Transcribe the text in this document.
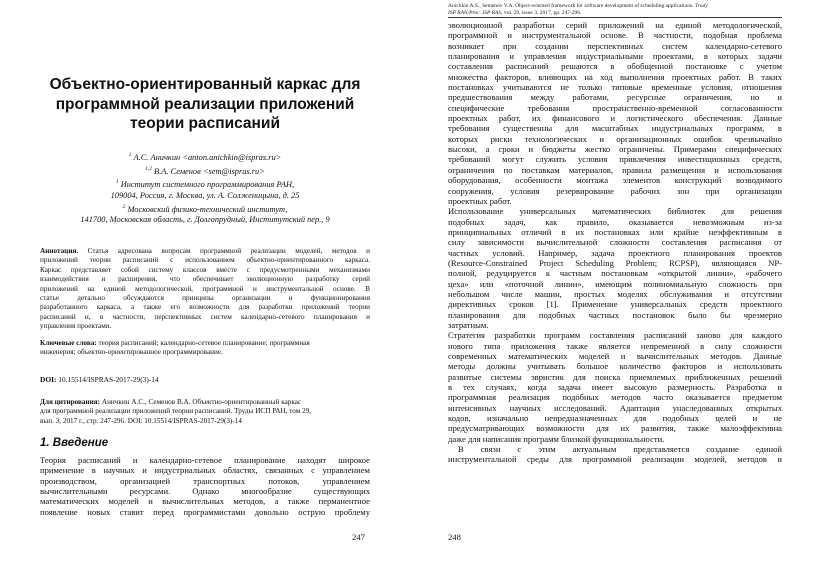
Объектно-ориентированный каркас для
программной реализации приложений
теории расписаний
$^1$ А.С. Аничкин <anton.anichkin@ispras.ru>
$^{1,2}$ В.А. Семенов <sem@ispras.ru>
$^1$ Институт системного программирования РАН,
109004, Россия, г. Москва, ул. А. Солженицына, д. 25
$^2$ Московский физико-технический институт,
141700, Московская область, г. Долгопрудный, Институтский пер., 9
Аннотация. Статья адресована вопросам программной реализации моделей, методов и
приложений теории расписаний с использованием объектно-ориентированного каркаса.
Каркас представляет собой систему классов вместе с предусмотренными механизмами
взаимодействия и расширения, что обеспечивает эволюционную разработку серий
приложений на единой методологической, программной и инструментальной основе. В
статье детально обсуждаются принципы организации и функционирования
разработанного каркаса, а также его возможности для разработки приложений теории
расписаний и, в частности, перспективных систем календарно-сетевого планирования и
управления проектами.
Ключевые слова: теория расписаний; календарно-сетевое планирование; программная
инженерия; объектно-ориентированное программирование.
DOI: 10.15514/ISPRAS-2017-29(3)-14
Для цитирования: Аничкин А.С., Семенов В.А. Объектно-ориентированный каркас
для программной реализации приложений теории расписаний. Труды ИСП РАН, том 29,
вып. 3, 2017 г., стр. 247-296. DOI: 10.15514/ISPRAS-2017-29(3)-14
1. Введение
Теория расписаний и календарно-сетевое планирование находят широкое
применение в научных и индустриальных областях, связанных с управлением
производством, организацией транспортных потоков, управлением
вычислительными ресурсами. Однако многообразие существующих
математических моделей и вычислительных методов, а также перманентное
появление новых ставит перед программистами довольно острую проблему
247
Anichkin A.S., Semenov V.A. Object-oriented framework for software development of scheduling applications. Trudy
ISP RAN/Proc. ISP RAS, vol. 29, issue 3, 2017, pp. 247-296.
эволюционной разработки серий приложений на единой методологической,
программной и инструментальной основе. В частности, подобная проблема
возникает при создании перспективных систем календарно-сетевого
планирования и управления индустриальными проектами, в которых задачи
составления расписаний решаются в обобщенной постановке с учетом
множества факторов, влияющих на ход выполнения проектных работ. В таких
постановках учитываются не только типовые временные условия, отношения
предшествования между работами, ресурсные ограничения, но и
специфические требования пространственно-временной согласованности
проектных работ, их финансового и логистического обеспечения. Данные
требования существенны для масштабных индустриальных программ, в
которых риски технологических и организационных ошибок чрезвычайно
высоки, а сроки и бюджеты жестко ограничены. Примерами специфических
требований могут служить условия привлечения инвестиционных средств,
ограничения по поставкам материалов, правила размещения и использования
оборудования, особенности монтажа элементов конструкций возводимого
сооружения, условия резервирование рабочих зон при организации
проектных работ.
Использование универсальных математических библиотек для решения
подобных задач, как правило, оказывается невозможным из-за
принципиальных отличий в их постановках или крайне неэффективным в
силу зависимости вычислительной сложности составления расписания от
частных условий. Например, задача проектного планирования проектов
(Resource-Constrained Project Scheduling Problem; RCPSP), являющаяся NP-
полной, редуцируется к частным постановкам «открытой линии», «рабочего
цеха» или «поточной линии», имеющим полиномиальную сложность при
небольшом числе машин, простых моделях обслуживания и отсутствии
директивных сроков [1]. Применение универсальных средств проектного
планирования для подобных частных постановок было бы чрезмерно
затратным.
Стратегия разработки программ составления расписаний заново для каждого
нового типа приложения также является непременной в силу сложности
современных математических моделей и вычислительных методов. Данные
методы должны учитывать большое количество факторов и использовать
развитые системы эвристик для поиска приемлемых приближенных решений
в тех случаях, когда задача имеет высокую размерность. Разработка и
программная реализация подобных методов часто оказывается предметом
интенсивных научных исследований. Адаптация унаследованных открытых
кодов, изначально непредназначенных для подобных целей и не
предусматривающих возможности для их развития, также малоэффективна
даже для написания программ близкой функциональности.
В связи с этим актуальным представляется создание единой
инструментальной среды для программной реализации моделей, методов и
248
